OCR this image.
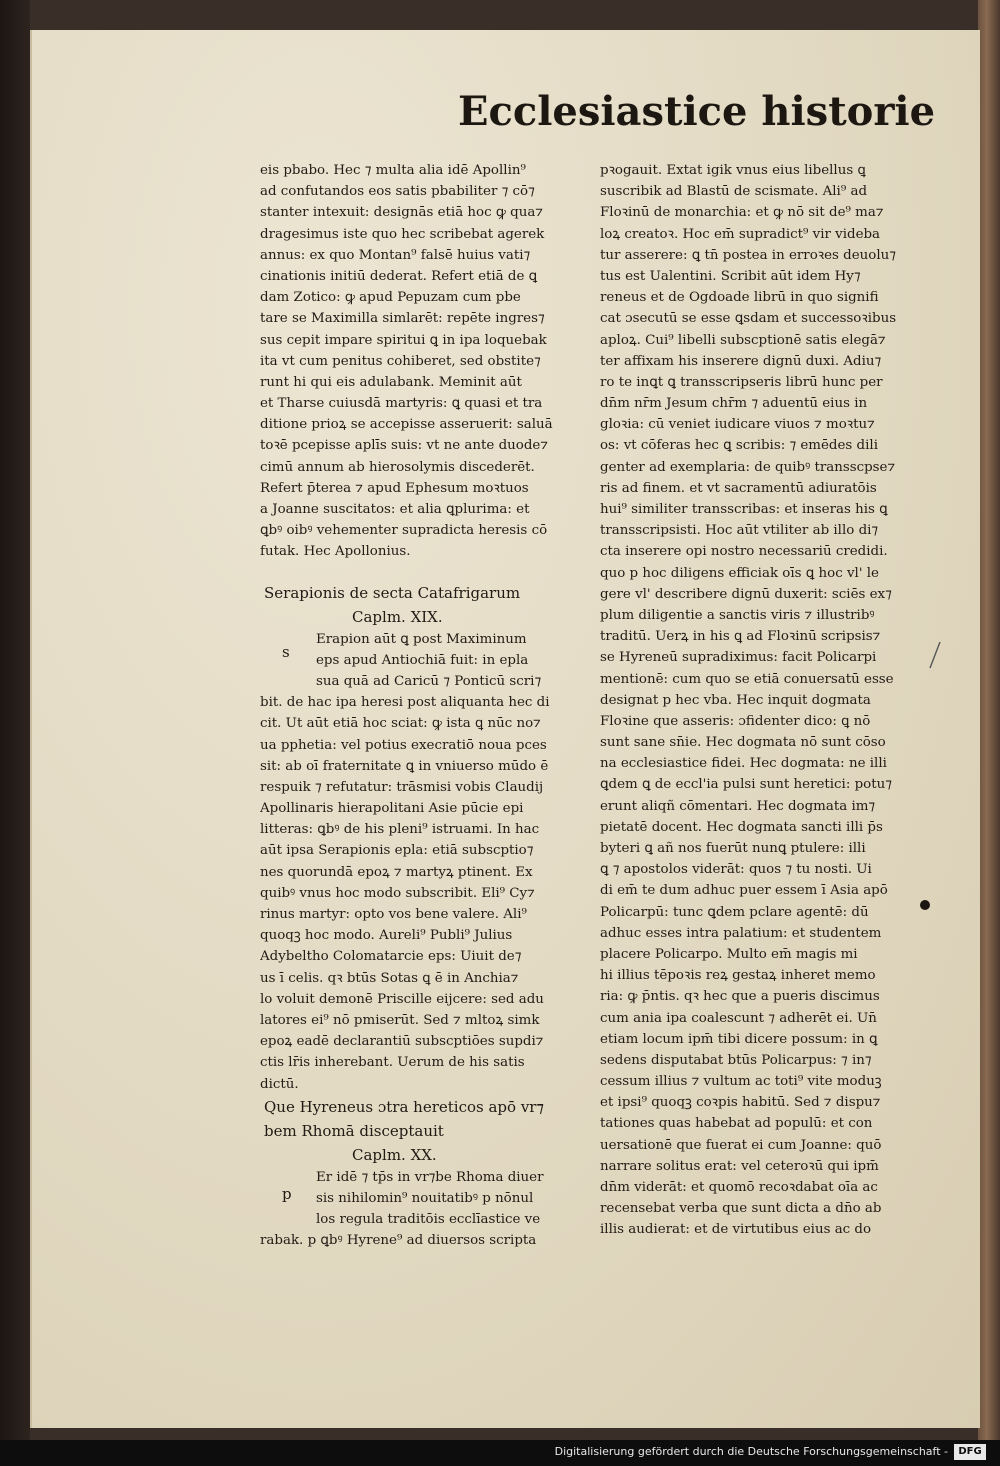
Ecclesiastice historie
eis pbabo. Hec ⁊ multa alia idē Apollin⁹
ad confutandos eos satis pbabiliter ⁊ cō⁊
stanter intexuit: designās etiā hoc ꝙ qua⁊
dragesimus iste quo hec scribebat agerek
annus: ex quo Montan⁹ falsē huius vati⁊
cinationis initiū dederat. Refert etiā de ꝗ
dam Zotico: ꝙ apud Pepuzam cum pbe
tare se Maximilla simlarēt: repēte ingres⁊
sus cepit impare spiritui ꝗ in ipa loquebak
ita vt cum penitus cohiberet, sed obstite⁊
runt hi qui eis adulabank. Meminit aūt
et Tharse cuiusdā martyris: ꝗ quasi et tra
ditione prioꝝ se accepisse asseruerit: saluā
toꝛē pcepisse aplīs suis: vt ne ante duode⁊
cimū annum ab hierosolymis discederēt.
Refert p̄terea ⁊ apud Ephesum moꝛtuos
a Joanne suscitatos: et alia ꝗplurima: et
ꝗbꝰ oibꝰ vehementer supradicta heresis cō
futak. Hec Apollonius.
Serapionis de secta Catafrigarum
Caplm. XIX.
s
Erapion aūt ꝗ post Maximinum
eps apud Antiochiā fuit: in epla
sua quā ad Caricū ⁊ Ponticū scri⁊
bit. de hac ipa heresi post aliquanta hec di
cit. Ut aūt etiā hoc sciat: ꝙ ista ꝗ nūc no⁊
ua pphetia: vel potius execratiō noua pces
sit: ab oī fraternitate ꝗ in vniuerso mūdo ē
respuik ⁊ refutatur: trāsmisi vobis Claudij
Apollinaris hierapolitani Asie pūcie epi
litteras: ꝗbꝰ de his pleni⁹ istruami. In hac
aūt ipsa Serapionis epla: etiā subscptio⁊
nes quorundā epoꝝ ⁊ martyꝝ ptinent. Ex
quibꝰ vnus hoc modo subscribit. Eli⁹ Cy⁊
rinus martyr: opto vos bene valere. Ali⁹
quoqꝫ hoc modo. Aureli⁹ Publi⁹ Julius
Adybeltho Colomatarcie eps: Uiuit de⁊
us ī celis. qꝛ btūs Sotas ꝗ ē in Anchia⁊
lo voluit demonē Priscille eijcere: sed adu
latores ei⁹ nō pmiserūt. Sed ⁊ mltoꝝ simk
epoꝝ eadē declarantiū subscptiōes supdi⁊
ctis lr̄is inherebant. Uerum de his satis
dictū.
Que Hyreneus ɔtra hereticos apō vr⁊
bem Rhomā disceptauit
Caplm. XX.
p
Er idē ⁊ tp̄s in vr⁊be Rhoma diuer
sis nihilomin⁹ nouitatibꝰ p nōnul
los regula traditōis ecclīastice ve
rabak. p ꝗbꝰ Hyrene⁹ ad diuersos scripta
pꝛogauit. Extat igik vnus eius libellus ꝗ
suscribik ad Blastū de scismate. Ali⁹ ad
Floꝛinū de monarchia: et ꝙ nō sit de⁹ ma⁊
loꝝ creatoꝛ. Hoc em̄ supradict⁹ vir videba
tur asserere: ꝗ tn̄ postea in erroꝛes deuolu⁊
tus est Ualentini. Scribit aūt idem Hy⁊
reneus et de Ogdoade librū in quo signifi
cat ɔsecutū se esse ꝗsdam et successoꝛibus
aploꝝ. Cui⁹ libelli subscptionē satis elegā⁊
ter affixam his inserere dignū duxi. Adiu⁊
ro te inꝗt ꝗ transscripseris librū hunc per
dn̄m nr̄m Jesum chr̄m ⁊ aduentū eius in
gloꝛia: cū veniet iudicare viuos ⁊ moꝛtu⁊
os: vt cōferas hec ꝗ scribis: ⁊ emēdes dili
genter ad exemplaria: de quibꝰ transscpse⁊
ris ad finem. et vt sacramentū adiuratōis
hui⁹ similiter transscribas: et inseras his ꝗ
transscripsisti. Hoc aūt vtiliter ab illo di⁊
cta inserere opi nostro necessariū credidi.
quo p hoc diligens efficiak oīs ꝗ hoc vl' le
gere vl' describere dignū duxerit: sciēs ex⁊
plum diligentie a sanctis viris ⁊ illustribꝰ
traditū. Uerꝝ in his ꝗ ad Floꝛinū scripsis⁊
se Hyreneū supradiximus: facit Policarpi
mentionē: cum quo se etiā conuersatū esse
designat p hec vba. Hec inquit dogmata
Floꝛine que asseris: ɔfidenter dico: ꝗ nō
sunt sane sn̄ie. Hec dogmata nō sunt cōso
na ecclesiastice fidei. Hec dogmata: ne illi
ꝗdem ꝗ de eccl'ia pulsi sunt heretici: potu⁊
erunt aliqñ cōmentari. Hec dogmata im⁊
pietatē docent. Hec dogmata sancti illi p̄s
byteri ꝗ añ nos fuerūt nunꝗ ptulere: illi
ꝗ ⁊ apostolos viderāt: quos ⁊ tu nosti. Ui
di em̄ te dum adhuc puer essem ī Asia apō
Policarpū: tunc ꝗdem pclare agentē: dū
adhuc esses intra palatium: et studentem
placere Policarpo. Multo em̄ magis mi
hi illius tēpoꝛis reꝝ gestaꝝ inheret memo
ria: ꝙ p̄ntis. qꝛ hec que a pueris discimus
cum ania ipa coalescunt ⁊ adherēt ei. Un̄
etiam locum ipm̄ tibi dicere possum: in ꝗ
sedens disputabat btūs Policarpus: ⁊ in⁊
cessum illius ⁊ vultum ac toti⁹ vite moduꝫ
et ipsi⁹ quoqꝫ coꝛpis habitū. Sed ⁊ dispu⁊
tationes quas habebat ad populū: et con
uersationē que fuerat ei cum Joanne: quō
narrare solitus erat: vel ceteroꝛū qui ipm̄
dn̄m viderāt: et quomō recoꝛdabat oīa ac
recensebat verba que sunt dicta a dn̄o ab
illis audierat: et de virtutibus eius ac do
Digitalisierung gefördert durch die Deutsche Forschungsgemeinschaft -	DFG
